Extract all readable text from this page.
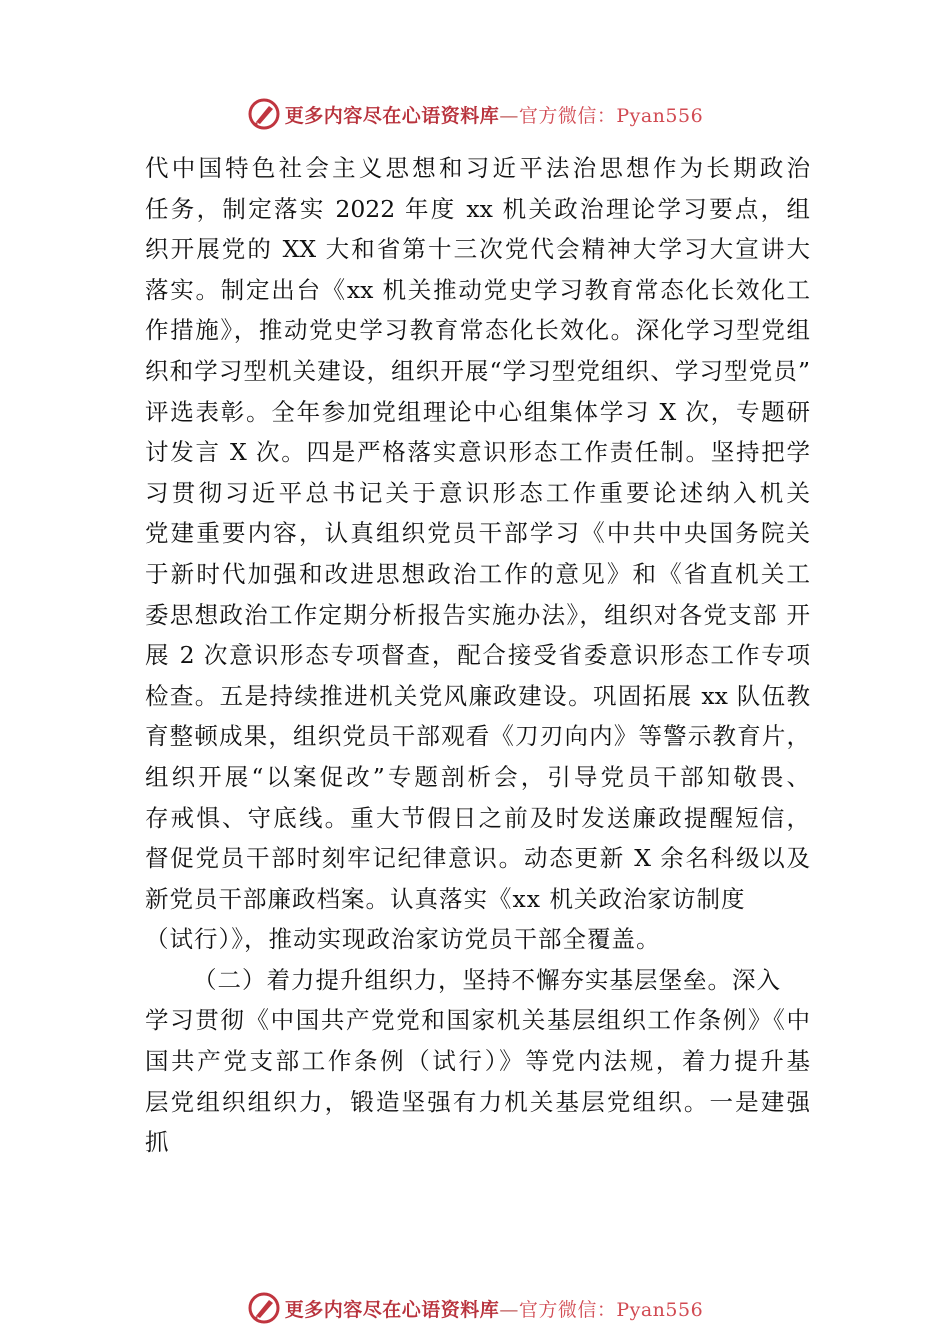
更多内容尽在心语资料库—官方微信：Pyan556
代中国特色社会主义思想和习近平法治思想作为长期政治
任务，制定落实 2022 年度 xx 机关政治理论学习要点，组
织开展党的 XX 大和省第十三次党代会精神大学习大宣讲大
落实。制定出台《xx 机关推动党史学习教育常态化长效化工
作措施》，推动党史学习教育常态化长效化。深化学习型党组
织和学习型机关建设，组织开展“学习型党组织、学习型党员”
评选表彰。全年参加党组理论中心组集体学习 X 次，专题研
讨发言 X 次。四是严格落实意识形态工作责任制。坚持把学
习贯彻习近平总书记关于意识形态工作重要论述纳入机关
党建重要内容，认真组织党员干部学习《中共中央国务院关
于新时代加强和改进思想政治工作的意见》和《省直机关工
委思想政治工作定期分析报告实施办法》，组织对各党支部 开
展 2 次意识形态专项督查，配合接受省委意识形态工作专项
检查。五是持续推进机关党风廉政建设。巩固拓展 xx 队伍教
育整顿成果，组织党员干部观看《刀刃向内》等警示教育片，
组织开展“以案促改”专题剖析会，引导党员干部知敬畏、
存戒惧、守底线。重大节假日之前及时发送廉政提醒短信，
督促党员干部时刻牢记纪律意识。动态更新 X 余名科级以及
新党员干部廉政档案。认真落实《xx 机关政治家访制度
（试行）》，推动实现政治家访党员干部全覆盖。
（二）着力提升组织力，坚持不懈夯实基层堡垒。深入
学习贯彻《中国共产党党和国家机关基层组织工作条例》《中
国共产党支部工作条例（试行）》等党内法规，着力提升基
层党组织组织力，锻造坚强有力机关基层党组织。一是建强
抓
更多内容尽在心语资料库—官方微信：Pyan556
